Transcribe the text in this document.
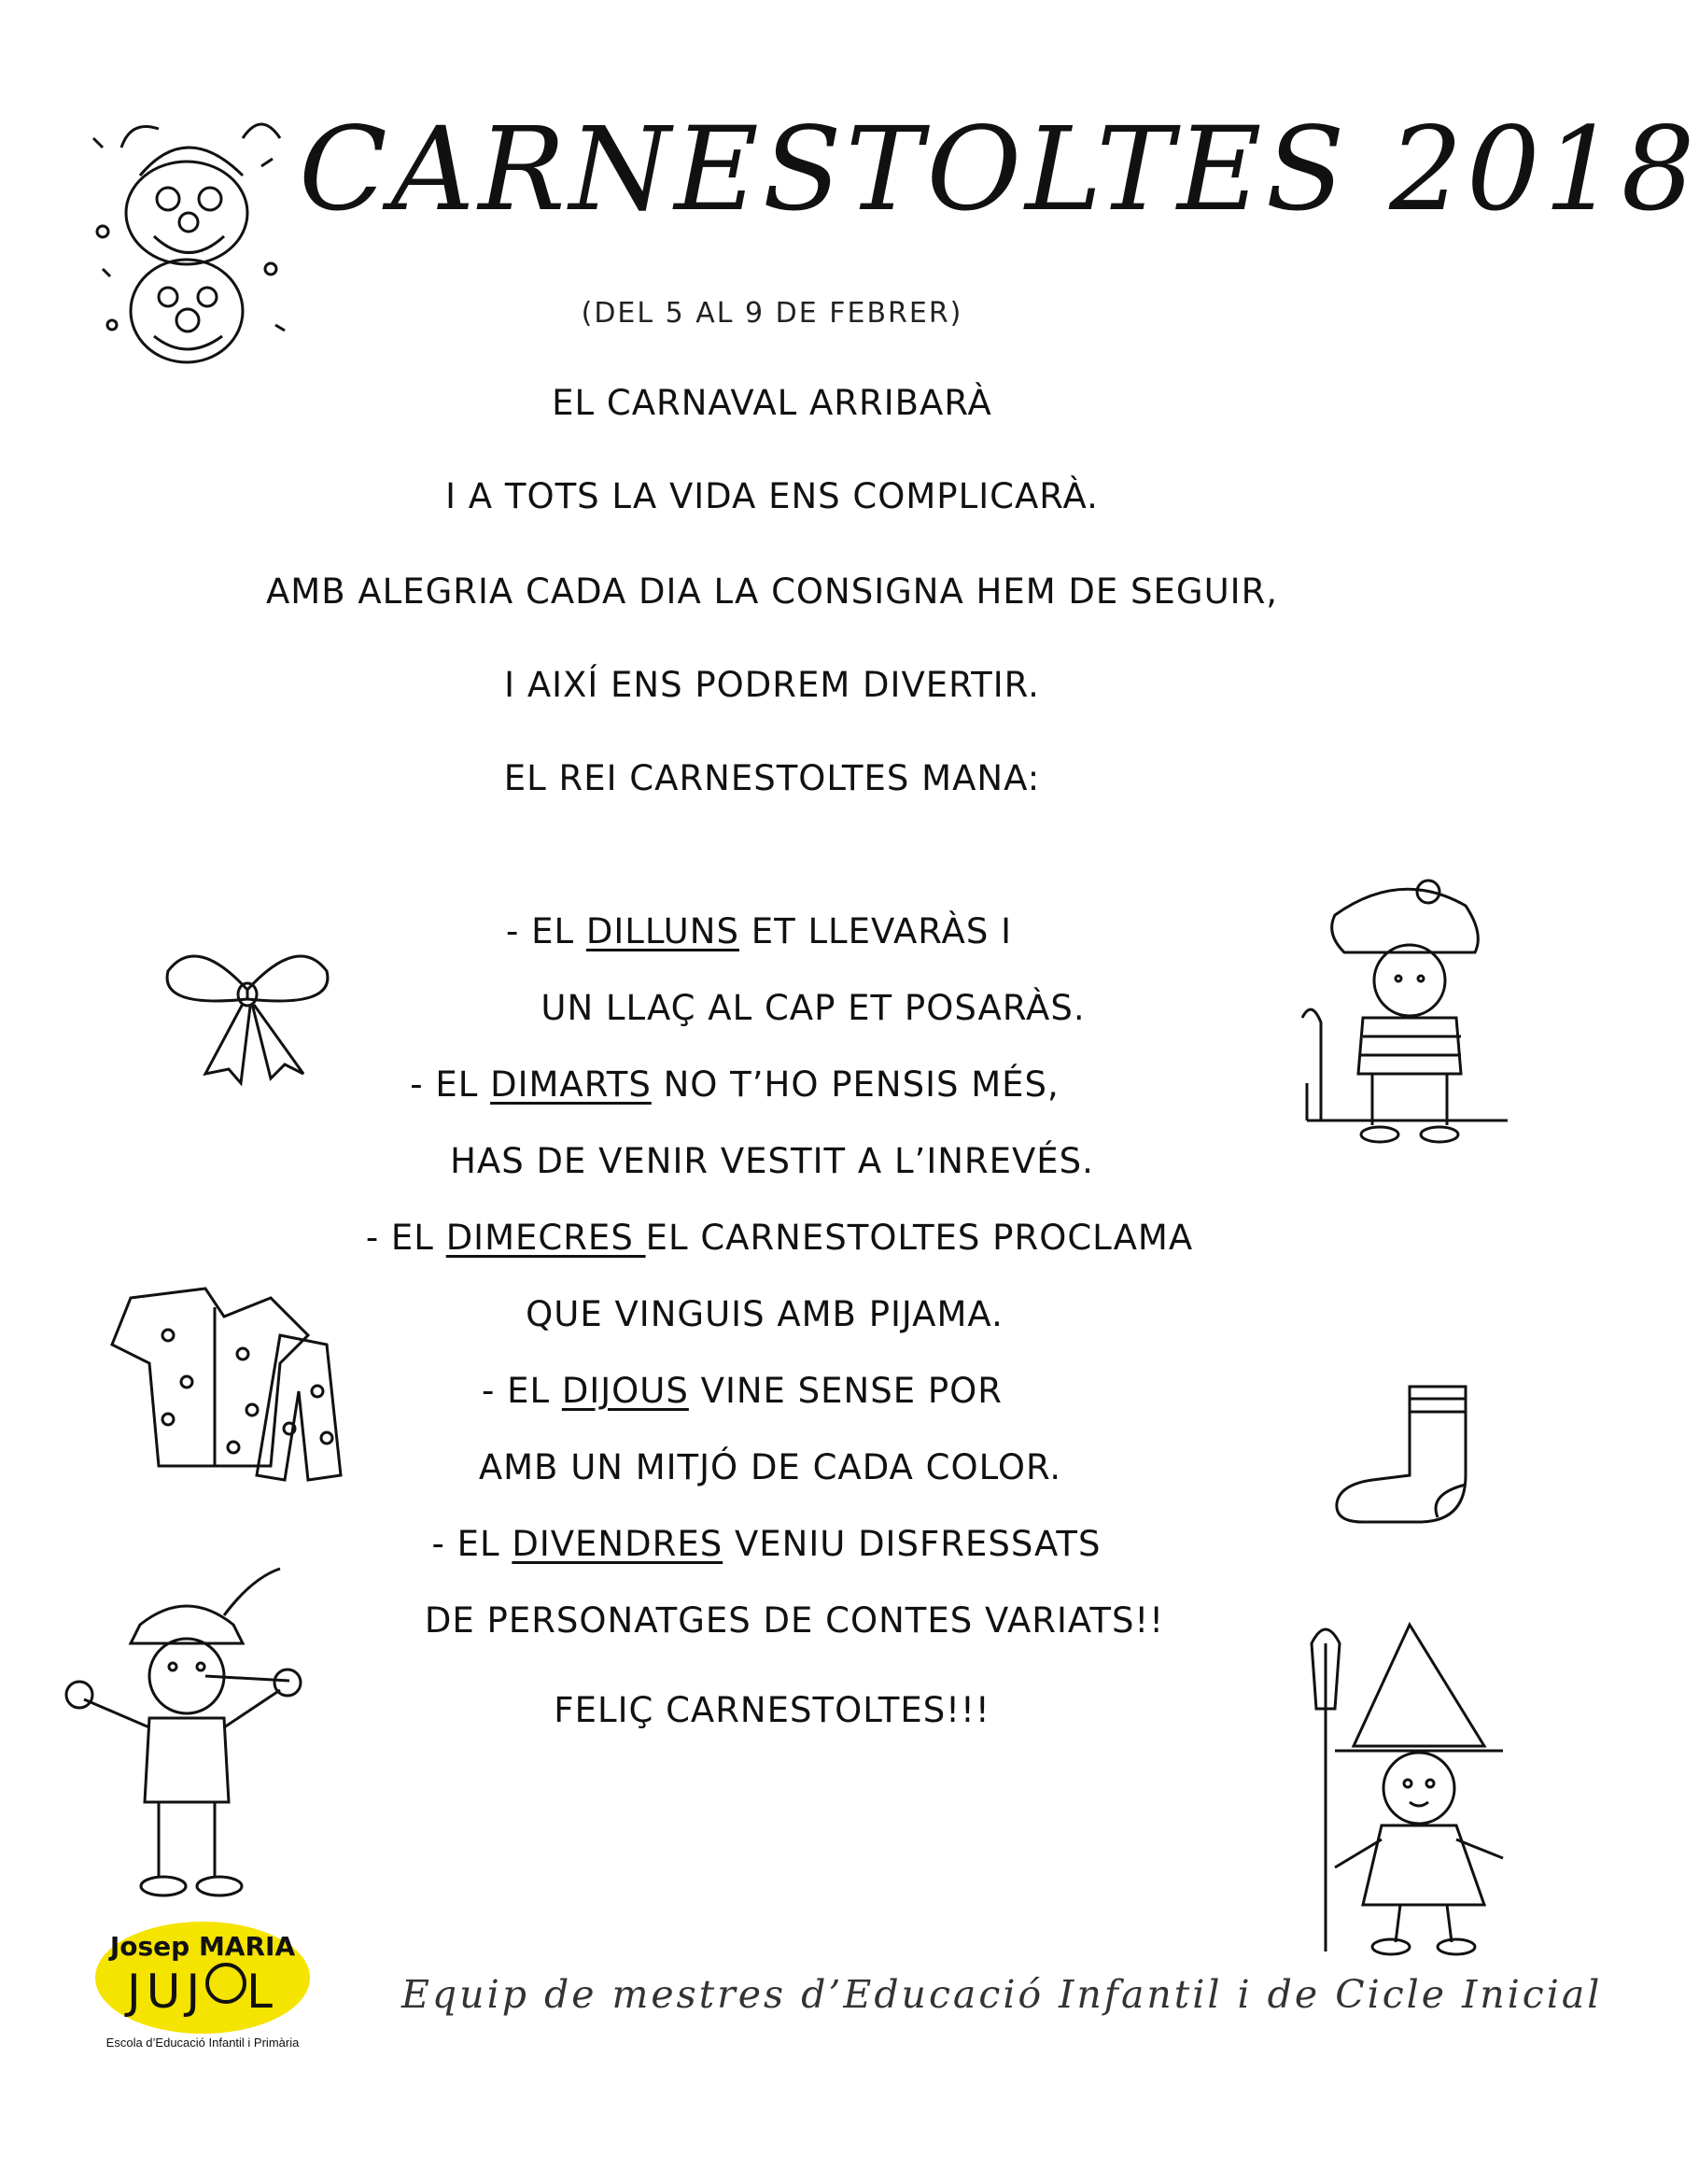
CARNESTOLTES 2018
(DEL 5 AL 9 DE FEBRER)
EL CARNAVAL ARRIBARÀ
I A TOTS LA VIDA ENS COMPLICARÀ.
AMB ALEGRIA CADA DIA LA CONSIGNA HEM DE SEGUIR,
I AIXÍ ENS PODREM DIVERTIR.
EL REI CARNESTOLTES MANA:
- EL DILLUNS ET LLEVARÀS I
UN LLAÇ AL CAP ET POSARÀS.
- EL DIMARTS NO T’HO PENSIS MÉS,
HAS DE VENIR VESTIT A L’INREVÉS.
- EL DIMECRES EL CARNESTOLTES PROCLAMA
QUE VINGUIS AMB PIJAMA.
- EL DIJOUS VINE SENSE POR
AMB UN MITJÓ DE CADA COLOR.
- EL DIVENDRES VENIU DISFRESSATS
DE PERSONATGES DE CONTES VARIATS!!
FELIÇ CARNESTOLTES!!!
Josep MARIA
JUJ L
Escola d’Educació Infantil i Primària
Equip de mestres d’Educació Infantil i de Cicle Inicial
